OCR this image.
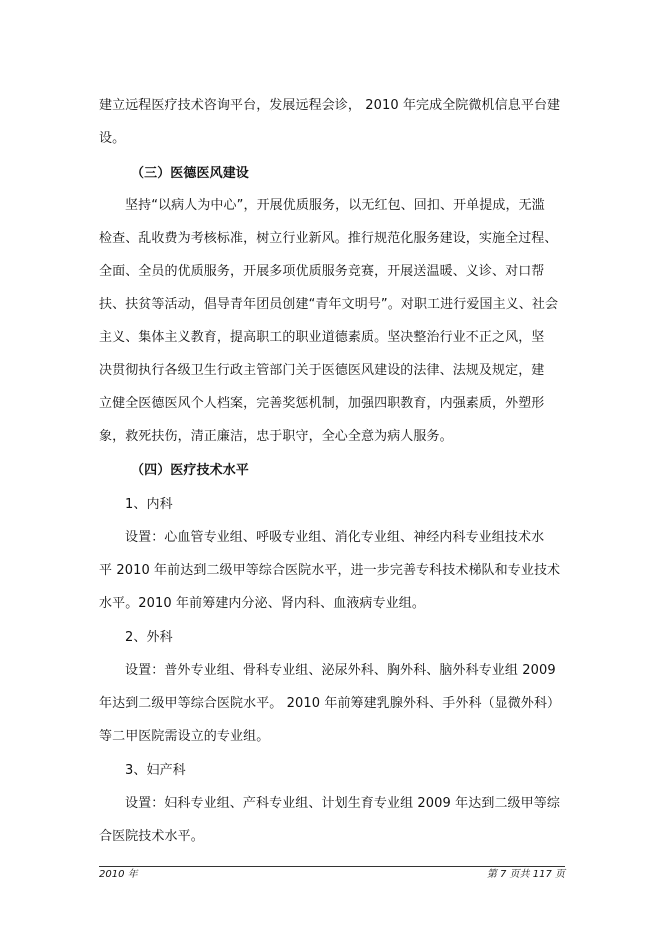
建立远程医疗技术咨询平台，发展远程会诊， 2010 年完成全院微机信息平台建
设。
（三）医德医风建设
坚持“以病人为中心”，开展优质服务，以无红包、回扣、开单提成，无滥
检查、乱收费为考核标准，树立行业新风。推行规范化服务建设，实施全过程、
全面、全员的优质服务，开展多项优质服务竞赛，开展送温暖、义诊、对口帮
扶、扶贫等活动，倡导青年团员创建“青年文明号”。对职工进行爱国主义、社会
主义、集体主义教育，提高职工的职业道德素质。坚决整治行业不正之风，坚
决贯彻执行各级卫生行政主管部门关于医德医风建设的法律、法规及规定，建
立健全医德医风个人档案，完善奖惩机制，加强四职教育，内强素质，外塑形
象，救死扶伤，清正廉洁，忠于职守，全心全意为病人服务。
（四）医疗技术水平
1、内科
设置：心血管专业组、呼吸专业组、消化专业组、神经内科专业组技术水
平 2010 年前达到二级甲等综合医院水平，进一步完善专科技术梯队和专业技术
水平。2010 年前筹建内分泌、肾内科、血液病专业组。
2、外科
设置：普外专业组、骨科专业组、泌尿外科、胸外科、脑外科专业组 2009
年达到二级甲等综合医院水平。 2010 年前筹建乳腺外科、手外科（显微外科）
等二甲医院需设立的专业组。
3、妇产科
设置：妇科专业组、产科专业组、计划生育专业组 2009 年达到二级甲等综
合医院技术水平。
2010 年	第 7 页共 117 页
